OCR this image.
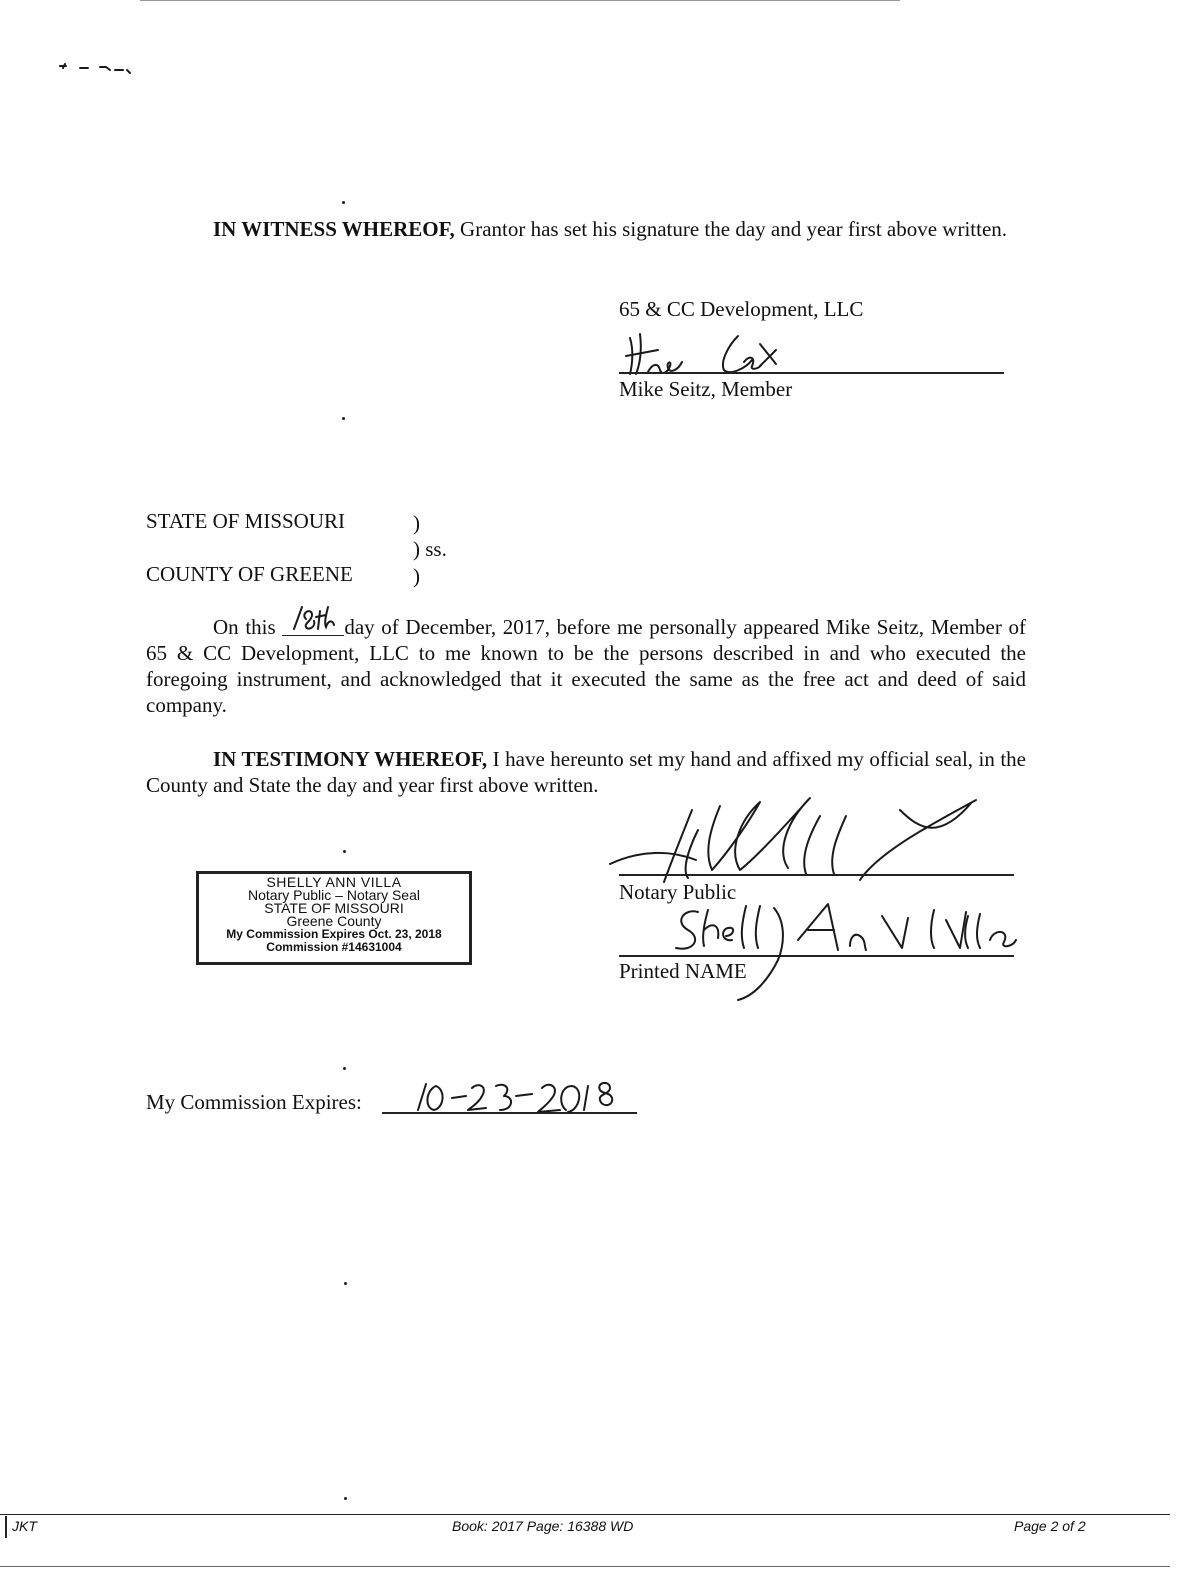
IN WITNESS WHEREOF, Grantor has set his signature the day and year first above written.
65 & CC Development, LLC
Mike Seitz, Member
STATE OF MISSOURI	)
) ss.
COUNTY OF GREENE	)
On this	day of December, 2017, before me personally appeared Mike Seitz, Member of 65 & CC Development, LLC to me known to be the persons described in and who executed the foregoing instrument, and acknowledged that it executed the same as the free act and deed of said company.
IN TESTIMONY WHEREOF, I have hereunto set my hand and affixed my official seal, in the County and State the day and year first above written.
SHELLY ANN VILLA
Notary Public – Notary Seal
STATE OF MISSOURI
Greene County
My Commission Expires Oct. 23, 2018
Commission #14631004
Notary Public
Printed NAME
My Commission Expires:
JKT	Book: 2017 Page: 16388 WD	Page 2 of 2
